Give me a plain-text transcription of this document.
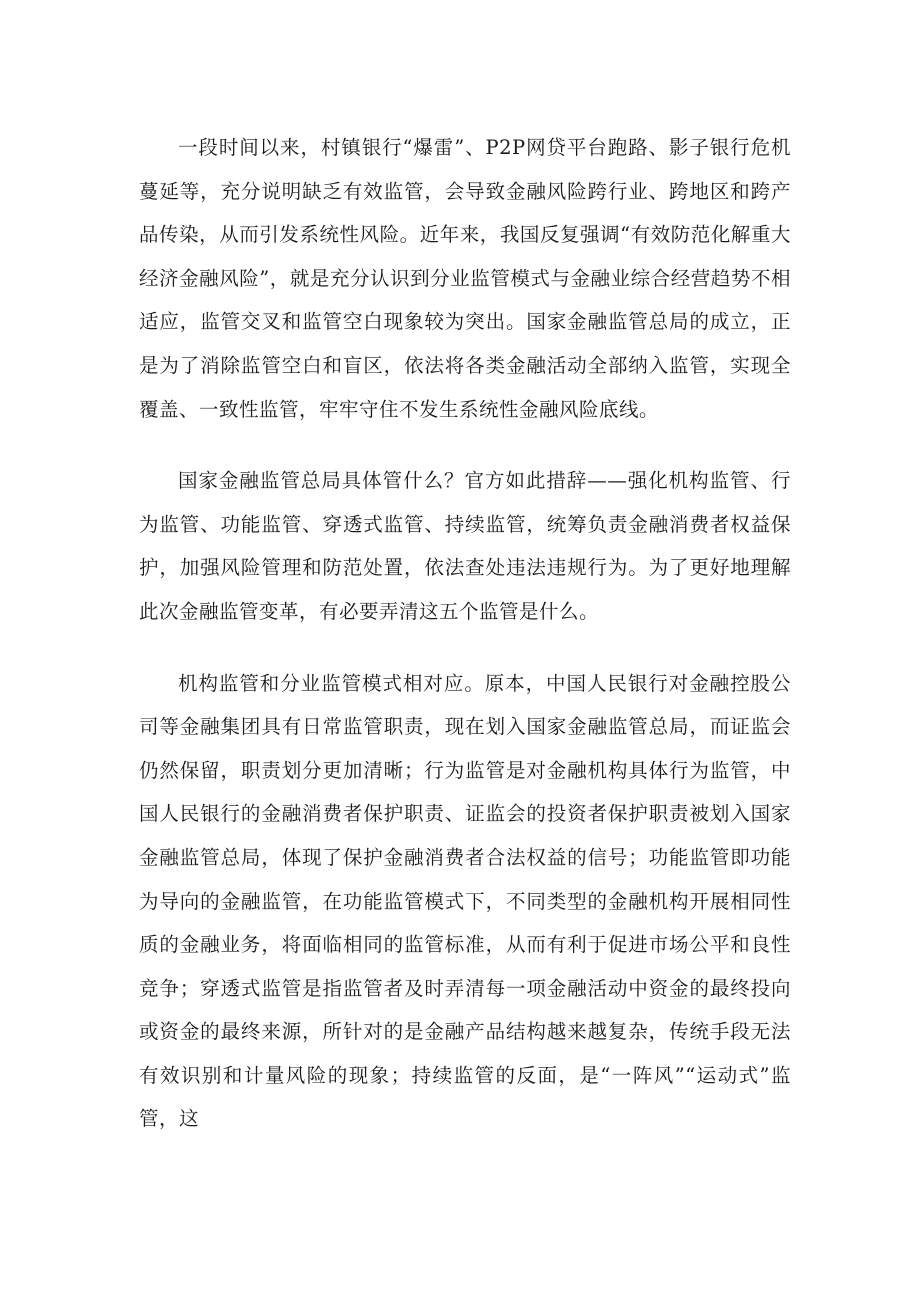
一段时间以来，村镇银行“爆雷”、P2P网贷平台跑路、影子银行危机蔓延等，充分说明缺乏有效监管，会导致金融风险跨行业、跨地区和跨产品传染，从而引发系统性风险。近年来，我国反复强调“有效防范化解重大经济金融风险”，就是充分认识到分业监管模式与金融业综合经营趋势不相适应，监管交叉和监管空白现象较为突出。国家金融监管总局的成立，正是为了消除监管空白和盲区，依法将各类金融活动全部纳入监管，实现全覆盖、一致性监管，牢牢守住不发生系统性金融风险底线。

国家金融监管总局具体管什么？官方如此措辞——强化机构监管、行为监管、功能监管、穿透式监管、持续监管，统筹负责金融消费者权益保护，加强风险管理和防范处置，依法查处违法违规行为。为了更好地理解此次金融监管变革，有必要弄清这五个监管是什么。

机构监管和分业监管模式相对应。原本，中国人民银行对金融控股公司等金融集团具有日常监管职责，现在划入国家金融监管总局，而证监会仍然保留，职责划分更加清晰；行为监管是对金融机构具体行为监管，中国人民银行的金融消费者保护职责、证监会的投资者保护职责被划入国家金融监管总局，体现了保护金融消费者合法权益的信号；功能监管即功能为导向的金融监管，在功能监管模式下，不同类型的金融机构开展相同性质的金融业务，将面临相同的监管标准，从而有利于促进市场公平和良性竞争；穿透式监管是指监管者及时弄清每一项金融活动中资金的最终投向或资金的最终来源，所针对的是金融产品结构越来越复杂，传统手段无法有效识别和计量风险的现象；持续监管的反面，是“一阵风”“运动式”监管，这
